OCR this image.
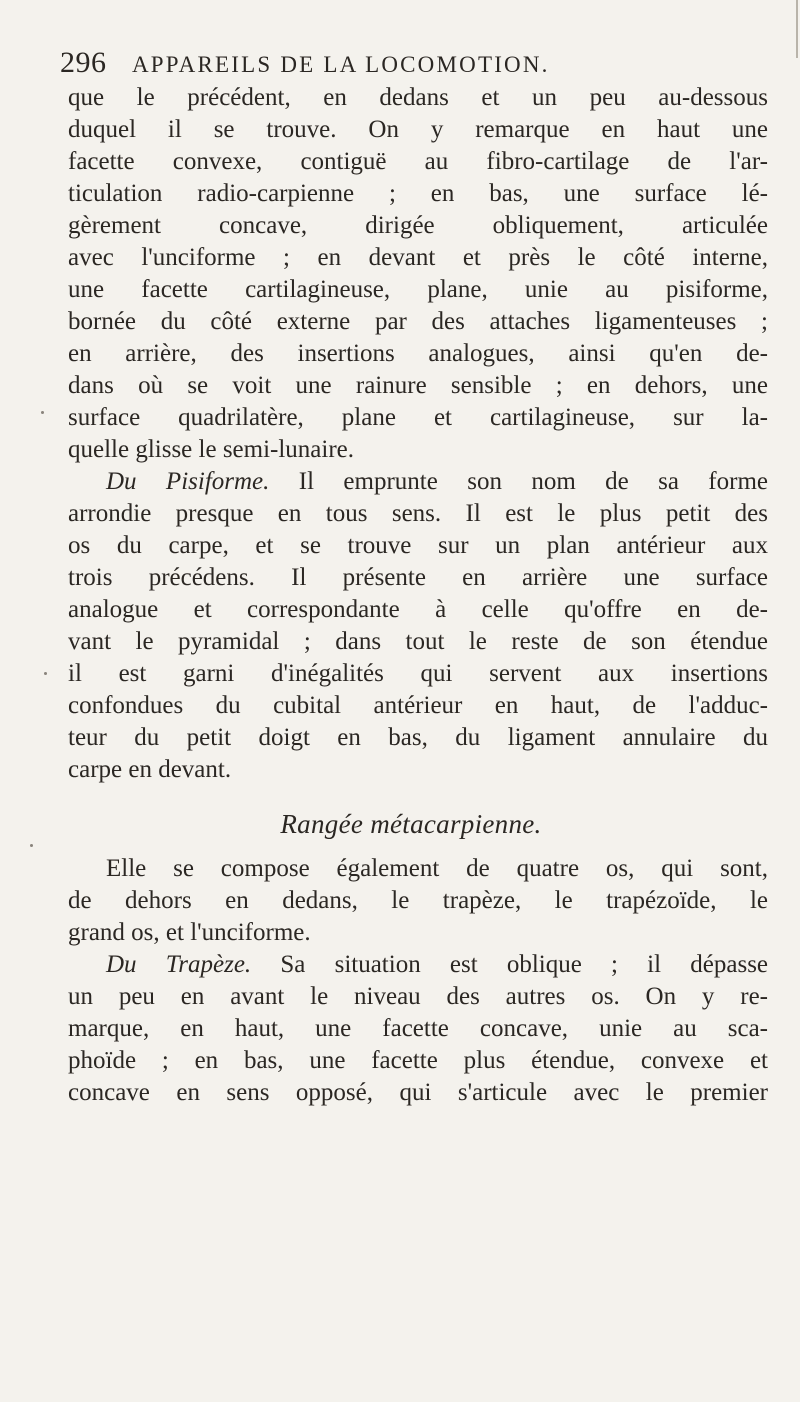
296 APPAREILS DE LA LOCOMOTION.
que le précédent, en dedans et un peu au-dessous
duquel il se trouve. On y remarque en haut une
facette convexe, contiguë au fibro-cartilage de l'ar-
ticulation radio-carpienne ; en bas, une surface lé-
gèrement concave, dirigée obliquement, articulée
avec l'unciforme ; en devant et près le côté interne,
une facette cartilagineuse, plane, unie au pisiforme,
bornée du côté externe par des attaches ligamenteuses ;
en arrière, des insertions analogues, ainsi qu'en de-
dans où se voit une rainure sensible ; en dehors, une
surface quadrilatère, plane et cartilagineuse, sur la-
quelle glisse le semi-lunaire.
Du Pisiforme. Il emprunte son nom de sa forme
arrondie presque en tous sens. Il est le plus petit des
os du carpe, et se trouve sur un plan antérieur aux
trois précédens. Il présente en arrière une surface
analogue et correspondante à celle qu'offre en de-
vant le pyramidal ; dans tout le reste de son étendue
il est garni d'inégalités qui servent aux insertions
confondues du cubital antérieur en haut, de l'adduc-
teur du petit doigt en bas, du ligament annulaire du
carpe en devant.
Rangée métacarpienne.
Elle se compose également de quatre os, qui sont,
de dehors en dedans, le trapèze, le trapézoïde, le
grand os, et l'unciforme.
Du Trapèze. Sa situation est oblique ; il dépasse
un peu en avant le niveau des autres os. On y re-
marque, en haut, une facette concave, unie au sca-
phoïde ; en bas, une facette plus étendue, convexe et
concave en sens opposé, qui s'articule avec le premier
